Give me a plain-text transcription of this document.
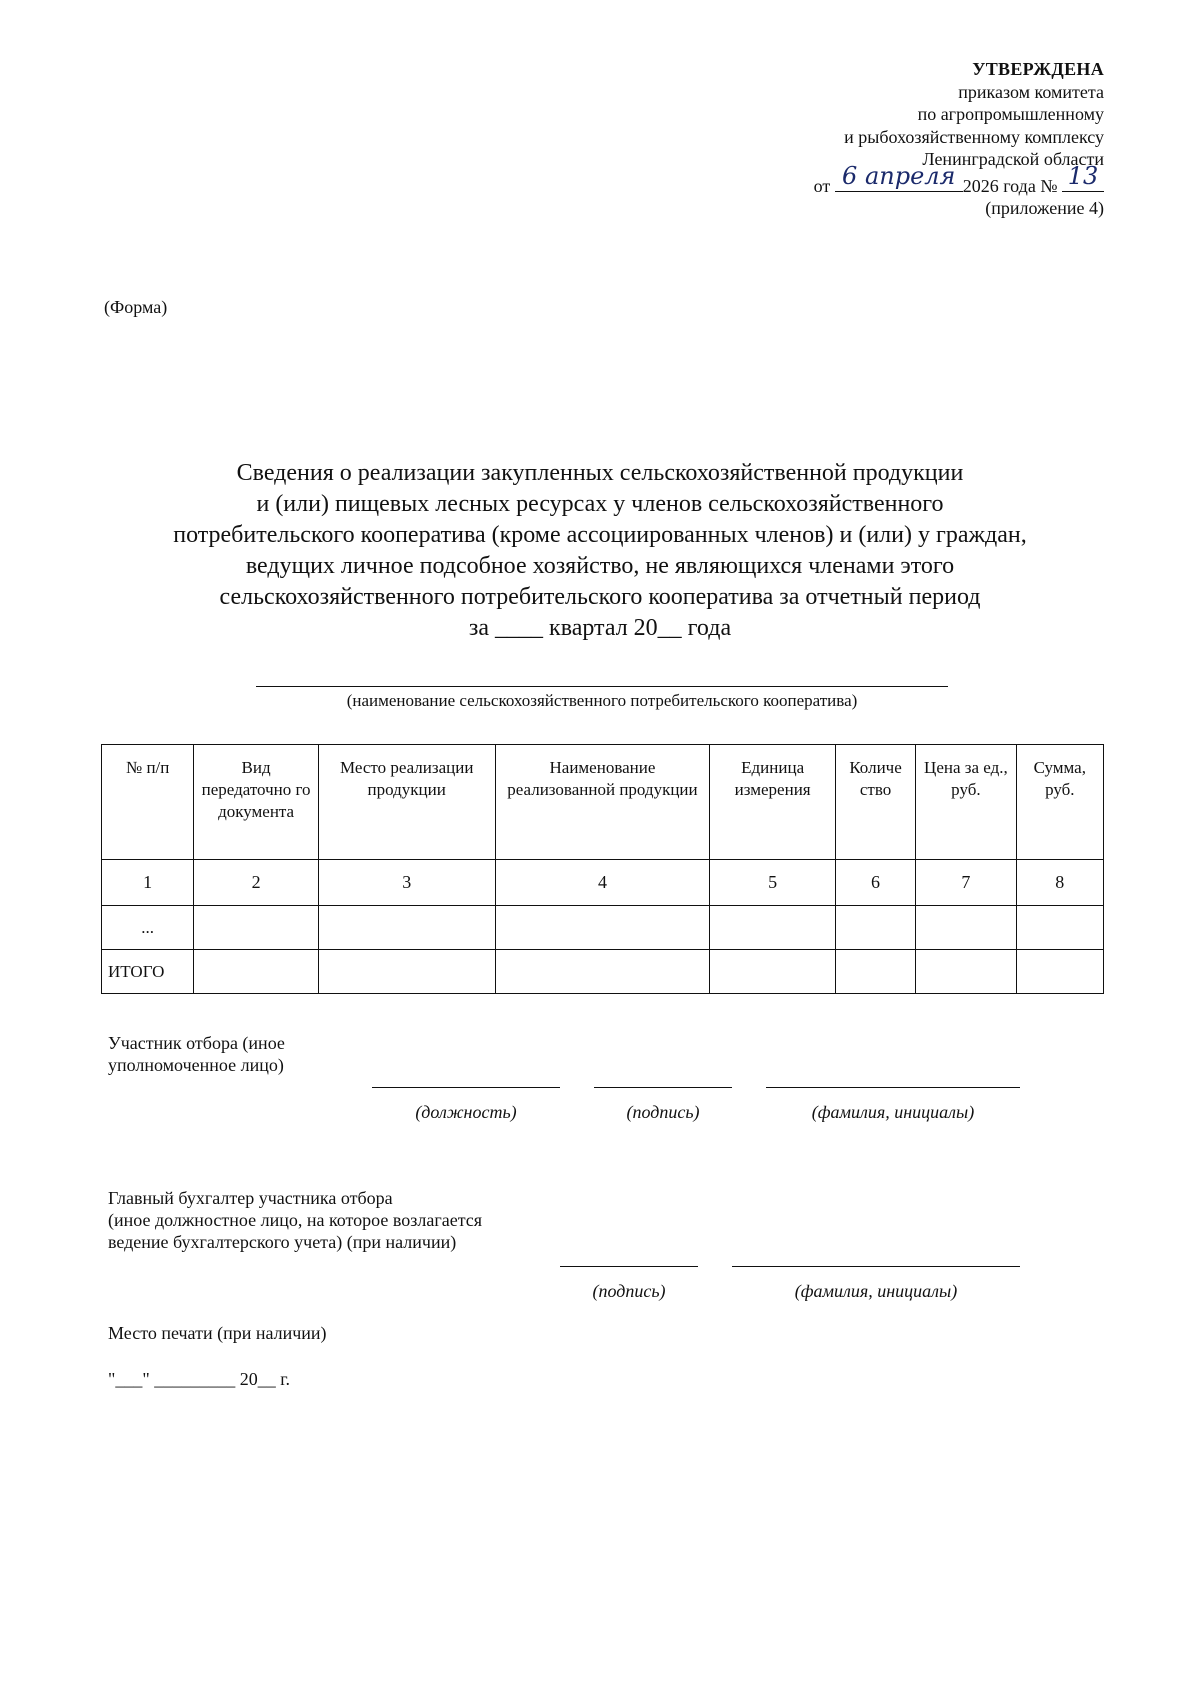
УТВЕРЖДЕНА
приказом комитета
по агропромышленному
и рыбохозяйственному комплексу
Ленинградской области
от 6 апреля 2026 года № 13
(приложение 4)
(Форма)
Сведения о реализации закупленных сельскохозяйственной продукции
и (или) пищевых лесных ресурсах у членов сельскохозяйственного
потребительского кооператива (кроме ассоциированных членов) и (или) у граждан,
ведущих личное подсобное хозяйство, не являющихся членами этого
сельскохозяйственного потребительского кооператива за отчетный период
за ____ квартал 20__ года
(наименование сельскохозяйственного потребительского кооператива)
№ п/п	Вид передаточно го документа	Место реализации продукции	Наименование реализованной продукции	Единица измерения	Количе ство	Цена за ед., руб.	Сумма, руб.
1	2	3	4	5	6	7	8
...							
ИТОГО							
Участник отбора (иное
уполномоченное лицо)
(должность)	(подпись)	(фамилия, инициалы)
Главный бухгалтер участника отбора
(иное должностное лицо, на которое возлагается
ведение бухгалтерского учета) (при наличии)
(подпись)	(фамилия, инициалы)
Место печати (при наличии)
"___" _________ 20__ г.
